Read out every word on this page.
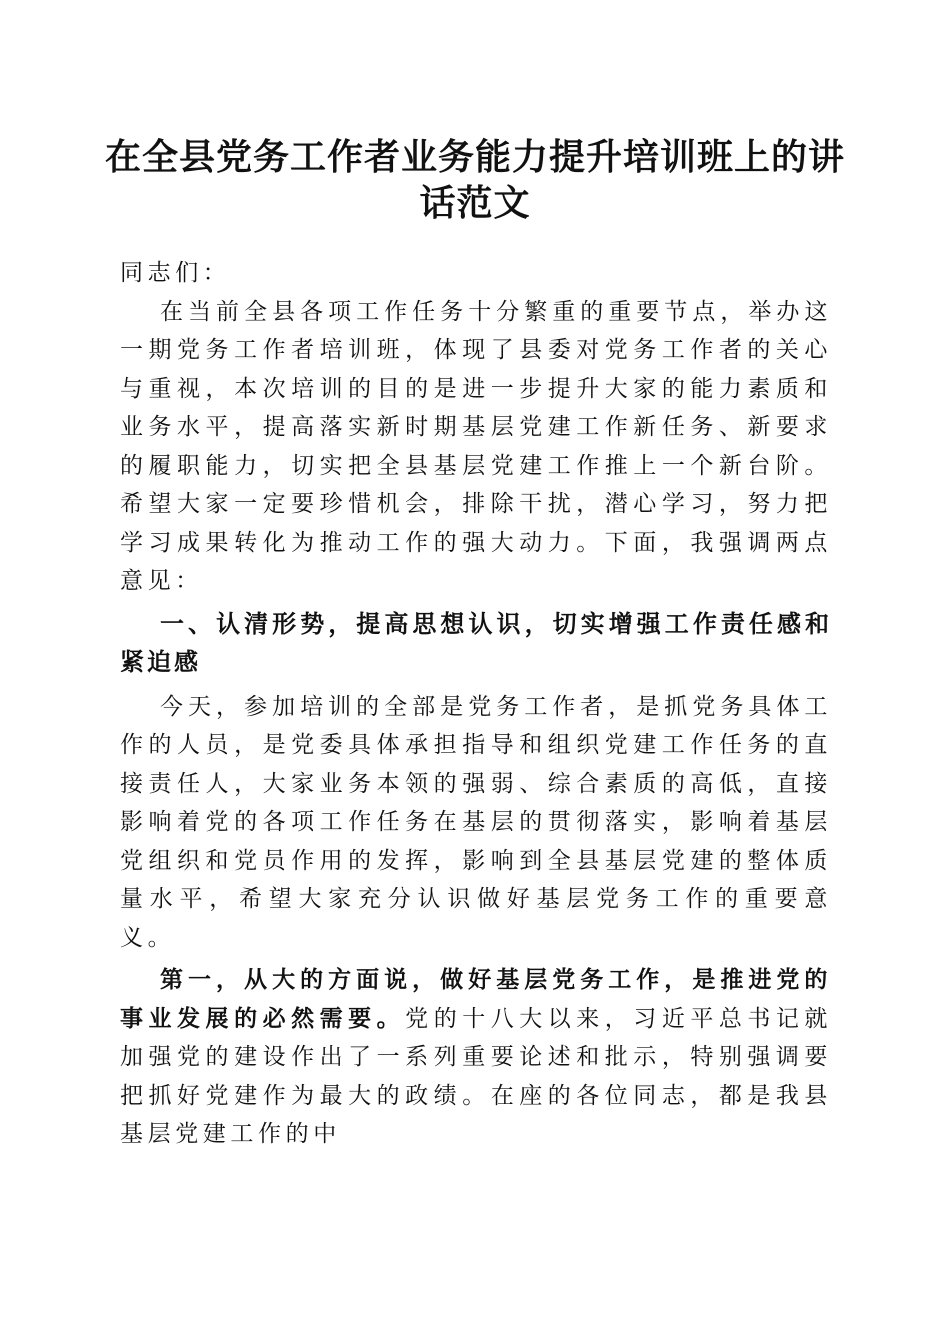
在全县党务工作者业务能力提升培训班上的讲话范文

同志们：

在当前全县各项工作任务十分繁重的重要节点，举办这一期党务工作者培训班，体现了县委对党务工作者的关心与重视，本次培训的目的是进一步提升大家的能力素质和业务水平，提高落实新时期基层党建工作新任务、新要求的履职能力，切实把全县基层党建工作推上一个新台阶。希望大家一定要珍惜机会，排除干扰，潜心学习，努力把学习成果转化为推动工作的强大动力。下面，我强调两点意见：

一、认清形势，提高思想认识，切实增强工作责任感和紧迫感

今天，参加培训的全部是党务工作者，是抓党务具体工作的人员，是党委具体承担指导和组织党建工作任务的直接责任人，大家业务本领的强弱、综合素质的高低，直接影响着党的各项工作任务在基层的贯彻落实，影响着基层党组织和党员作用的发挥，影响到全县基层党建的整体质量水平，希望大家充分认识做好基层党务工作的重要意义。

第一，从大的方面说，做好基层党务工作，是推进党的事业发展的必然需要。党的十八大以来，习近平总书记就加强党的建设作出了一系列重要论述和批示，特别强调要把抓好党建作为最大的政绩。在座的各位同志，都是我县基层党建工作的中
